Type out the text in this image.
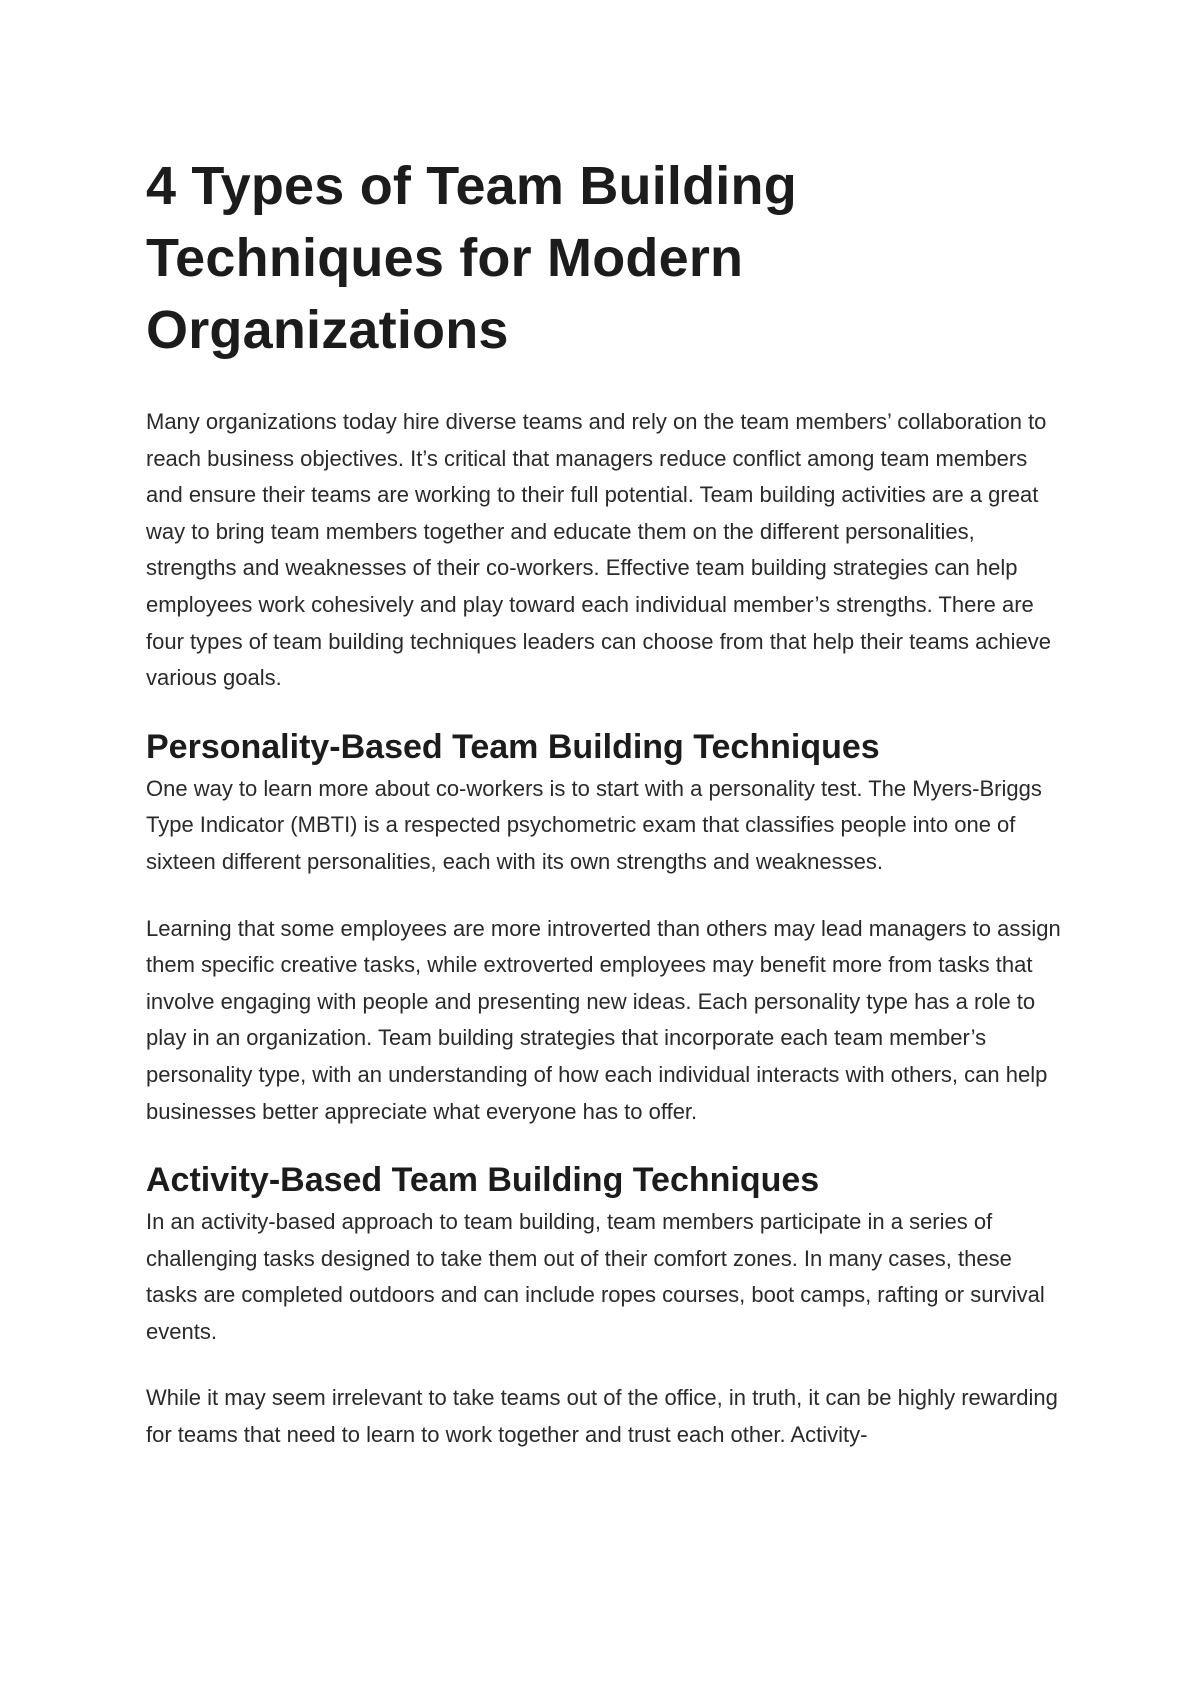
4 Types of Team Building Techniques for Modern Organizations

Many organizations today hire diverse teams and rely on the team members’ collaboration to reach business objectives. It’s critical that managers reduce conflict among team members and ensure their teams are working to their full potential. Team building activities are a great way to bring team members together and educate them on the different personalities, strengths and weaknesses of their co-workers. Effective team building strategies can help employees work cohesively and play toward each individual member’s strengths. There are four types of team building techniques leaders can choose from that help their teams achieve various goals.

Personality-Based Team Building Techniques

One way to learn more about co-workers is to start with a personality test. The Myers-Briggs Type Indicator (MBTI) is a respected psychometric exam that classifies people into one of sixteen different personalities, each with its own strengths and weaknesses.

Learning that some employees are more introverted than others may lead managers to assign them specific creative tasks, while extroverted employees may benefit more from tasks that involve engaging with people and presenting new ideas. Each personality type has a role to play in an organization. Team building strategies that incorporate each team member’s personality type, with an understanding of how each individual interacts with others, can help businesses better appreciate what everyone has to offer.

Activity-Based Team Building Techniques

In an activity-based approach to team building, team members participate in a series of challenging tasks designed to take them out of their comfort zones. In many cases, these tasks are completed outdoors and can include ropes courses, boot camps, rafting or survival events.

While it may seem irrelevant to take teams out of the office, in truth, it can be highly rewarding for teams that need to learn to work together and trust each other. Activity-
